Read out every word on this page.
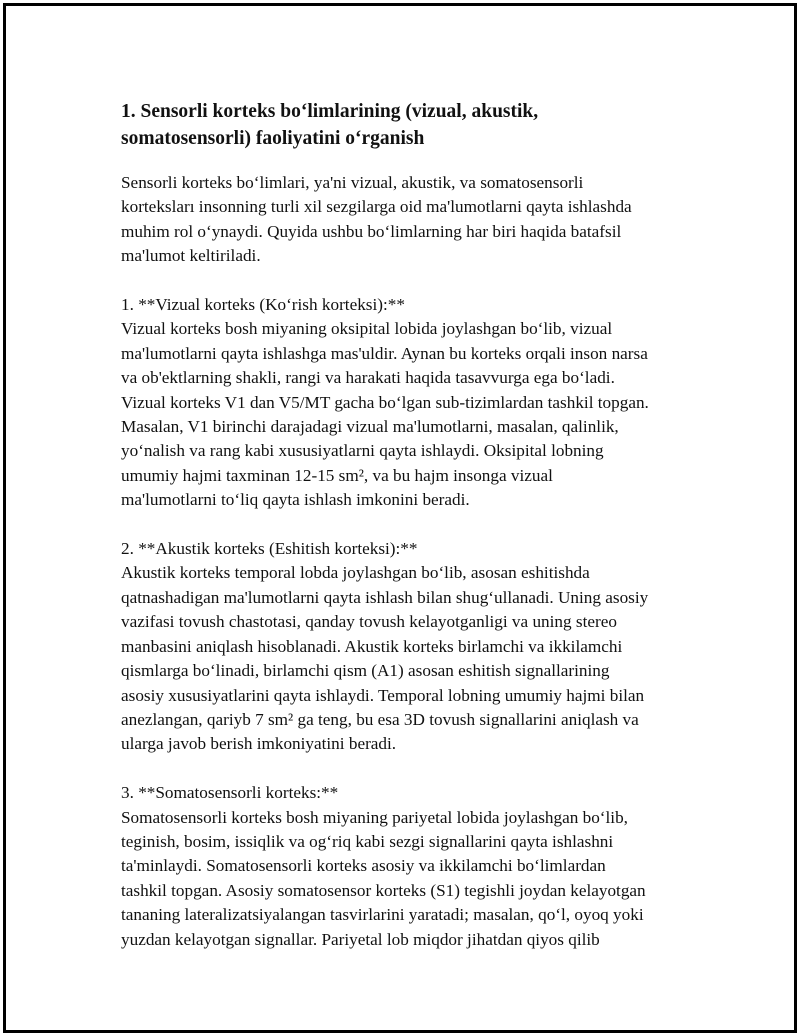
1. Sensorli korteks bo‘limlarining (vizual, akustik,
somatosensorli) faoliyatini o‘rganish

Sensorli korteks bo‘limlari, ya'ni vizual, akustik, va somatosensorli
korteksları insonning turli xil sezgilarga oid ma'lumotlarni qayta ishlashda
muhim rol o‘ynaydi. Quyida ushbu bo‘limlarning har biri haqida batafsil
ma'lumot keltiriladi.

1. **Vizual korteks (Ko‘rish korteksi):**
Vizual korteks bosh miyaning oksipital lobida joylashgan bo‘lib, vizual
ma'lumotlarni qayta ishlashga mas'uldir. Aynan bu korteks orqali inson narsa
va ob'ektlarning shakli, rangi va harakati haqida tasavvurga ega bo‘ladi.
Vizual korteks V1 dan V5/MT gacha bo‘lgan sub-tizimlardan tashkil topgan.
Masalan, V1 birinchi darajadagi vizual ma'lumotlarni, masalan, qalinlik,
yo‘nalish va rang kabi xususiyatlarni qayta ishlaydi. Oksipital lobning
umumiy hajmi taxminan 12-15 sm², va bu hajm insonga vizual
ma'lumotlarni to‘liq qayta ishlash imkonini beradi.

2. **Akustik korteks (Eshitish korteksi):**
Akustik korteks temporal lobda joylashgan bo‘lib, asosan eshitishda
qatnashadigan ma'lumotlarni qayta ishlash bilan shug‘ullanadi. Uning asosiy
vazifasi tovush chastotasi, qanday tovush kelayotganligi va uning stereo
manbasini aniqlash hisoblanadi. Akustik korteks birlamchi va ikkilamchi
qismlarga bo‘linadi, birlamchi qism (A1) asosan eshitish signallarining
asosiy xususiyatlarini qayta ishlaydi. Temporal lobning umumiy hajmi bilan
anezlangan, qariyb 7 sm² ga teng, bu esa 3D tovush signallarini aniqlash va
ularga javob berish imkoniyatini beradi.

3. **Somatosensorli korteks:**
Somatosensorli korteks bosh miyaning pariyetal lobida joylashgan bo‘lib,
teginish, bosim, issiqlik va og‘riq kabi sezgi signallarini qayta ishlashni
ta'minlaydi. Somatosensorli korteks asosiy va ikkilamchi bo‘limlardan
tashkil topgan. Asosiy somatosensor korteks (S1) tegishli joydan kelayotgan
tananing lateralizatsiyalangan tasvirlarini yaratadi; masalan, qo‘l, oyoq yoki
yuzdan kelayotgan signallar. Pariyetal lob miqdor jihatdan qiyos qilib
